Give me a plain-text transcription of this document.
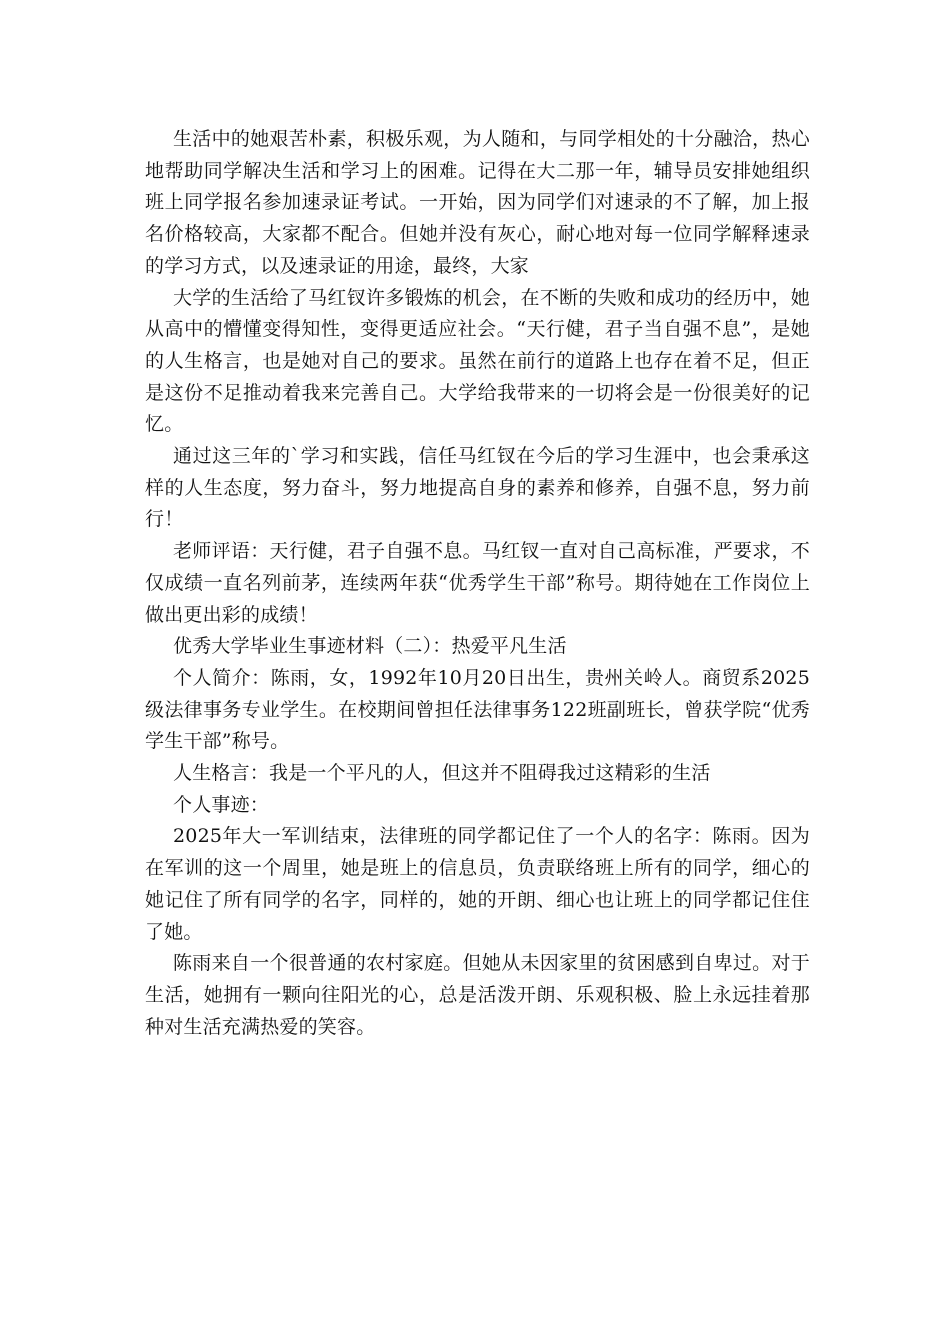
生活中的她艰苦朴素，积极乐观，为人随和，与同学相处的十分融洽，热心地帮助同学解决生活和学习上的困难。记得在大二那一年，辅导员安排她组织班上同学报名参加速录证考试。一开始，因为同学们对速录的不了解，加上报名价格较高，大家都不配合。但她并没有灰心，耐心地对每一位同学解释速录的学习方式，以及速录证的用途，最终，大家

大学的生活给了马红钗许多锻炼的机会，在不断的失败和成功的经历中，她从高中的懵懂变得知性，变得更适应社会。“天行健，君子当自强不息”，是她的人生格言，也是她对自己的要求。虽然在前行的道路上也存在着不足，但正是这份不足推动着我来完善自己。大学给我带来的一切将会是一份很美好的记忆。

通过这三年的`学习和实践，信任马红钗在今后的学习生涯中，也会秉承这样的人生态度，努力奋斗，努力地提高自身的素养和修养，自强不息，努力前行！

老师评语：天行健，君子自强不息。马红钗一直对自己高标准，严要求，不仅成绩一直名列前茅，连续两年获“优秀学生干部”称号。期待她在工作岗位上做出更出彩的成绩！

优秀大学毕业生事迹材料（二）：热爱平凡生活

个人简介：陈雨，女，1992年10月20日出生，贵州关岭人。商贸系2025级法律事务专业学生。在校期间曾担任法律事务122班副班长，曾获学院“优秀学生干部”称号。

人生格言：我是一个平凡的人，但这并不阻碍我过这精彩的生活

个人事迹：

2025年大一军训结束，法律班的同学都记住了一个人的名字：陈雨。因为在军训的这一个周里，她是班上的信息员，负责联络班上所有的同学，细心的她记住了所有同学的名字，同样的，她的开朗、细心也让班上的同学都记住住了她。

陈雨来自一个很普通的农村家庭。但她从未因家里的贫困感到自卑过。对于生活，她拥有一颗向往阳光的心，总是活泼开朗、乐观积极、脸上永远挂着那种对生活充满热爱的笑容。
